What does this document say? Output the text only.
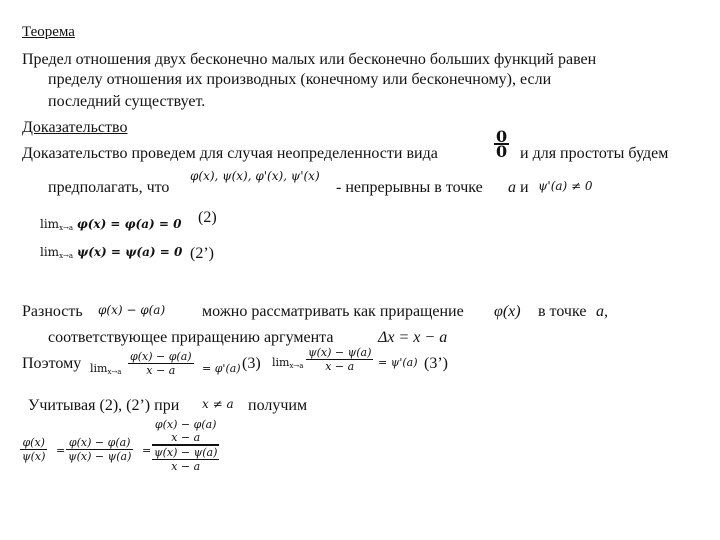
Теорема
Предел отношения двух бесконечно малых или бесконечно больших функций равен
пределу отношения их производных (конечному или бесконечному), если
последний существует.
Доказательство
Доказательство проведем для случая неопределенности вида	$\frac{0}{0}$ и для простоты будем
предполагать, что
φ(x), ψ(x), φ'(x), ψ'(x)
- непрерывны в точке a и ψ'(a) ≠ 0
$\lim_{x\to a} \varphi(x) = \varphi(a) = 0$ (2)
$\lim_{x\to a} \psi(x) = \psi(a) = 0$ (2’)
Разность φ(x) − φ(a) можно рассматривать как приращение φ(x) в точке a,
соответствующее приращению аргумента	Δx = x − a
Поэтому $\lim_{x\to a} \frac{\varphi(x) - \varphi(a)}{x - a} = \varphi'(a)$ (3) $\lim_{x\to a} \frac{\psi(x) - \psi(a)}{x - a} = \psi'(a)$ (3’)
Учитывая (2), (2’) при x ≠ a получим
$\frac{\varphi(x)}{\psi(x)} = \frac{\varphi(x) - \varphi(a)}{\psi(x) - \psi(a)}$ =
φ(x) − φ(a)
x − a
ψ(x) − ψ(a)
x − a
